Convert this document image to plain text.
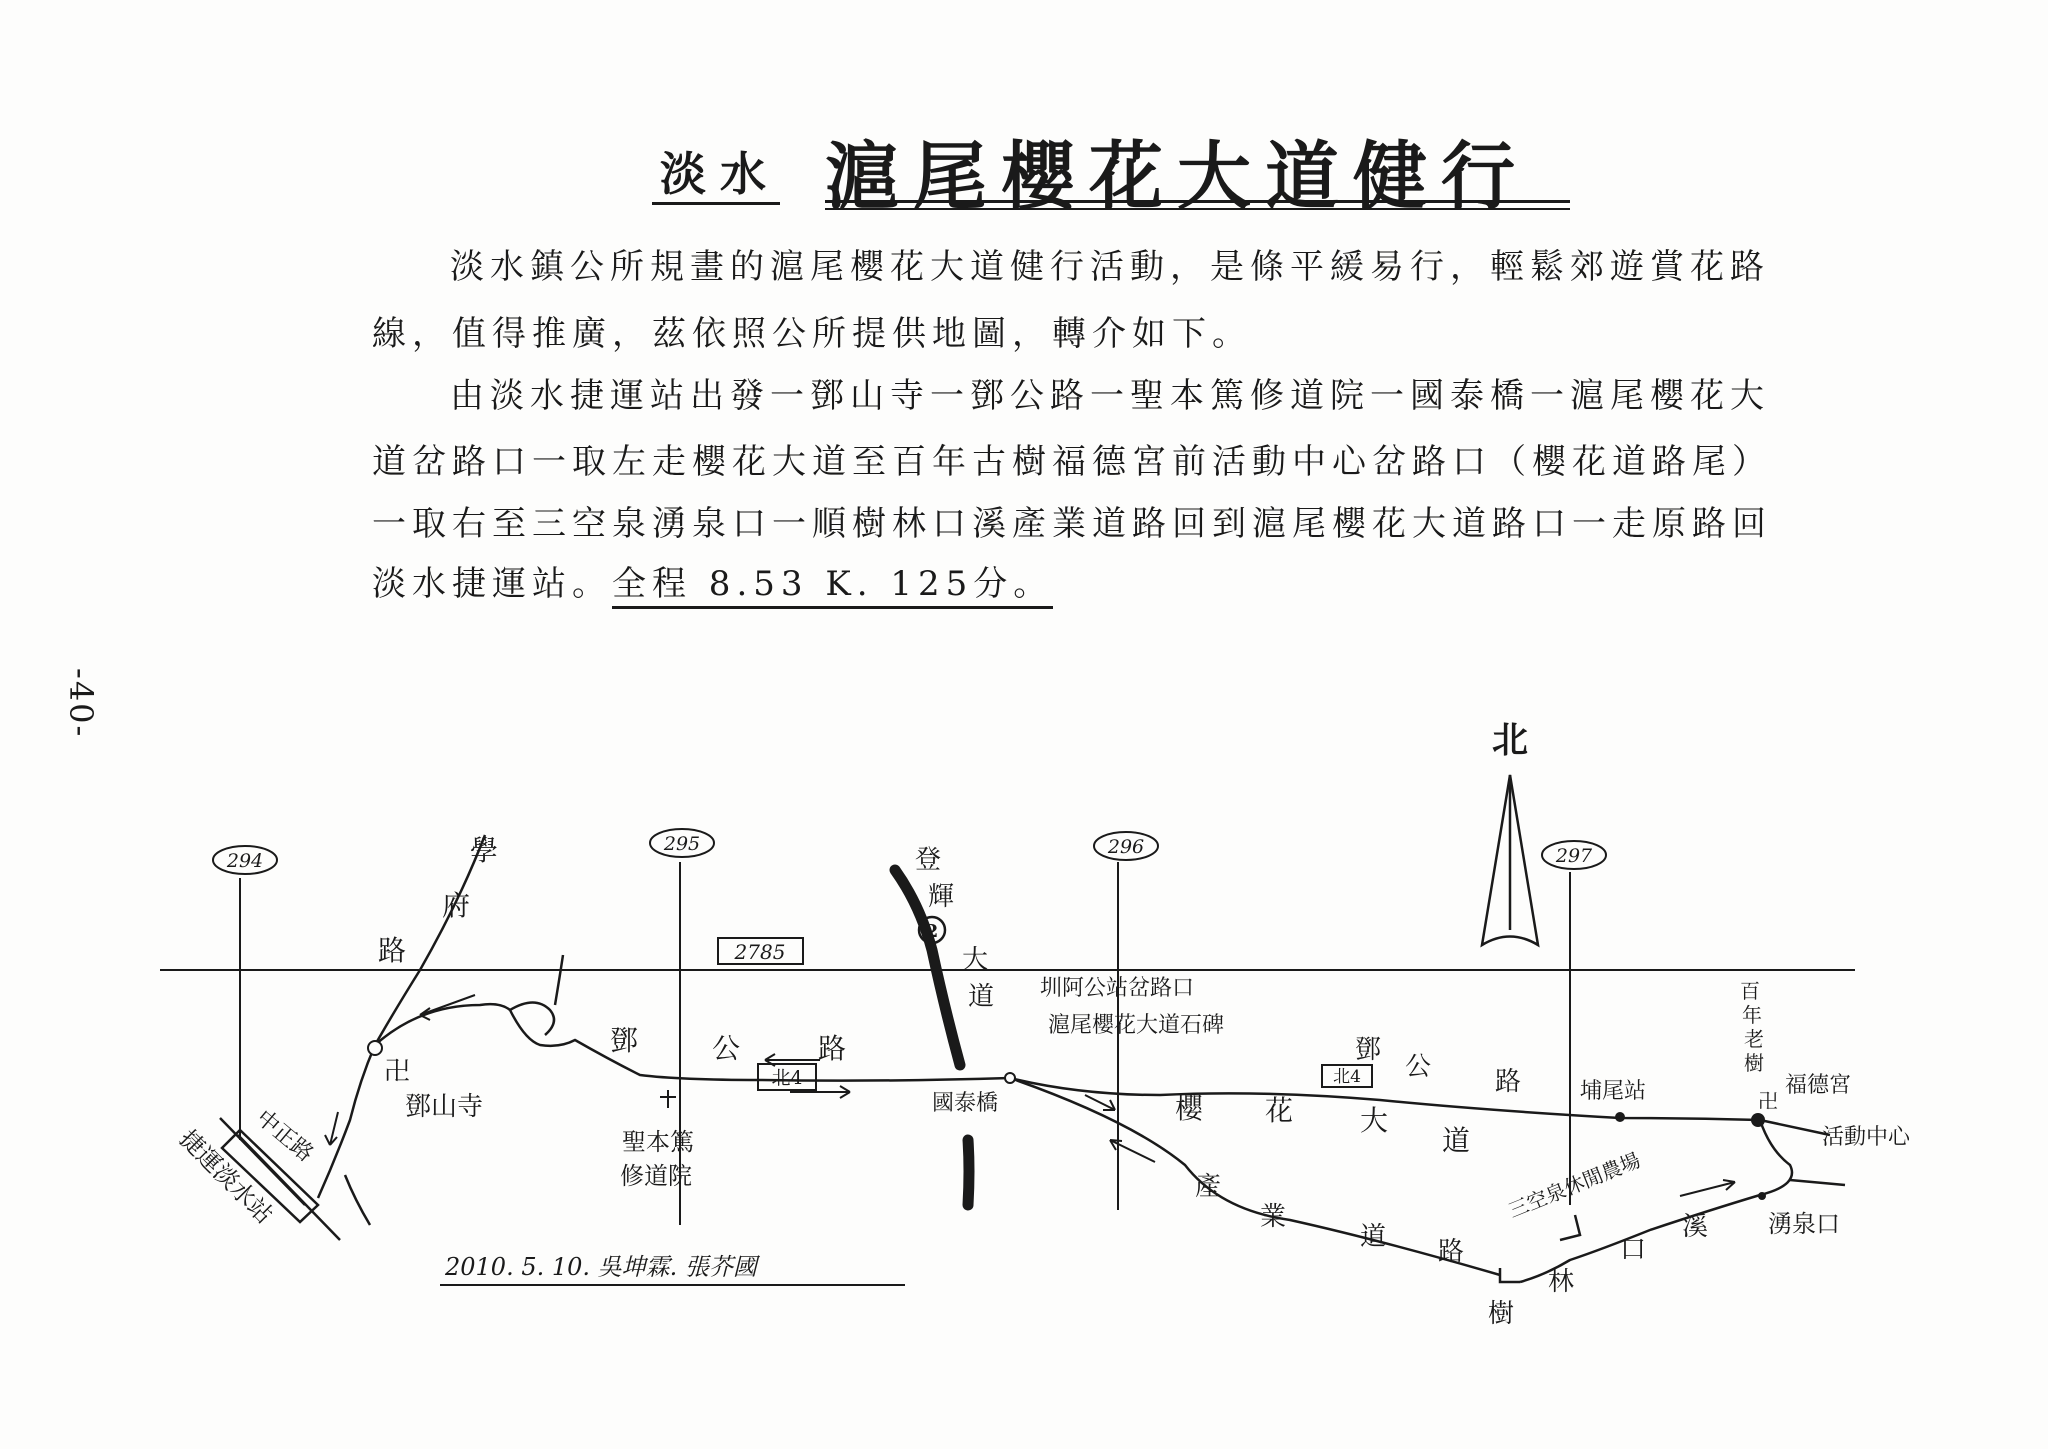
淡水 滬尾櫻花大道健行
淡水鎮公所規畫的滬尾櫻花大道健行活動，是條平緩易行，輕鬆郊遊賞花路
線，值得推廣，茲依照公所提供地圖，轉介如下。
由淡水捷運站出發一鄧山寺一鄧公路一聖本篤修道院一國泰橋一滬尾櫻花大
道岔路口一取左走櫻花大道至百年古樹福德宮前活動中心岔路口（櫻花道路尾）
一取右至三空泉湧泉口一順樹林口溪產業道路回到滬尾櫻花大道路口一走原路回
淡水捷運站。全程 8.53 K. 125分。
-40-
294
295	296	297
2785
北
北4	北4
2
學
府
路
中正路
捷運淡水站
卍
鄧山寺
鄧	公	路
聖本篤
修道院
國泰橋
登
輝
大
道 圳阿公站岔路口
滬尾櫻花大道石碑
鄧
公 路
櫻 花 大
道
埔尾站
百
年
老
樹
卍
福德宮
活動中心
三空泉休閒農場
湧泉口
溪
口
林
樹
產
業
道 路
2010. 5. 10. 吳坤霖. 張芥國
